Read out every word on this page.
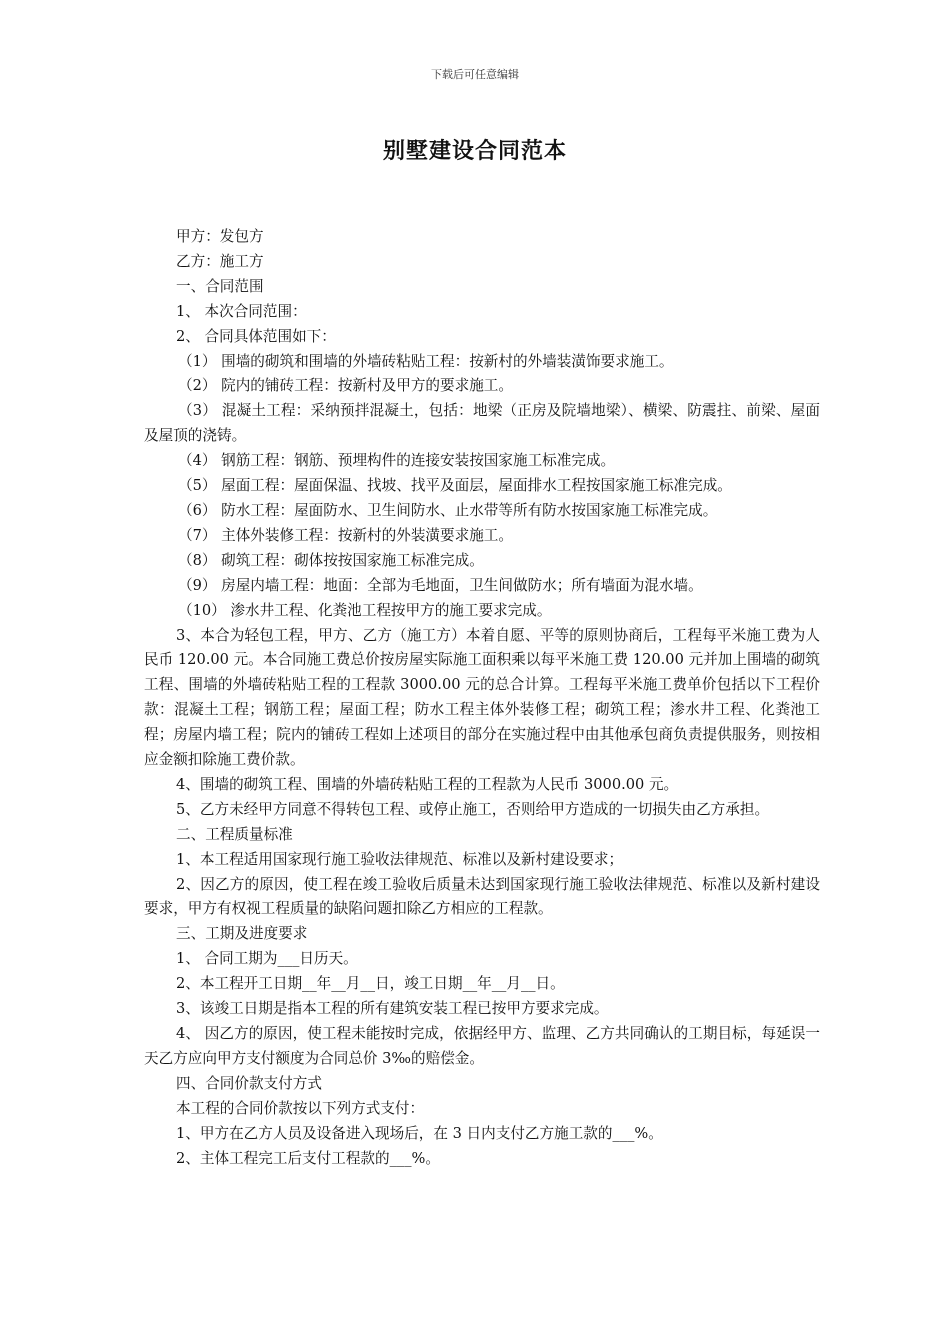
下载后可任意编辑
别墅建设合同范本

甲方：发包方

乙方：施工方

一、合同范围

1、 本次合同范围：

2、 合同具体范围如下：

（1） 围墙的砌筑和围墙的外墙砖粘贴工程：按新村的外墙装潢饰要求施工。

（2） 院内的铺砖工程：按新村及甲方的要求施工。

（3） 混凝土工程：采纳预拌混凝土，包括：地梁（正房及院墙地梁）、横梁、防震拄、前梁、屋面及屋顶的浇铸。

（4） 钢筋工程：钢筋、预埋构件的连接安装按国家施工标准完成。

（5） 屋面工程：屋面保温、找坡、找平及面层，屋面排水工程按国家施工标准完成。

（6） 防水工程：屋面防水、卫生间防水、止水带等所有防水按国家施工标准完成。

（7） 主体外装修工程：按新村的外装潢要求施工。

（8） 砌筑工程：砌体按按国家施工标准完成。

（9） 房屋内墙工程：地面：全部为毛地面，卫生间做防水；所有墙面为混水墙。

（10） 渗水井工程、化粪池工程按甲方的施工要求完成。

3、本合为轻包工程，甲方、乙方（施工方）本着自愿、平等的原则协商后，工程每平米施工费为人民币 120.00 元。本合同施工费总价按房屋实际施工面积乘以每平米施工费 120.00 元并加上围墙的砌筑工程、围墙的外墙砖粘贴工程的工程款 3000.00 元的总合计算。工程每平米施工费单价包括以下工程价款：混凝土工程；钢筋工程；屋面工程；防水工程主体外装修工程；砌筑工程；渗水井工程、化粪池工程；房屋内墙工程；院内的铺砖工程如上述项目的部分在实施过程中由其他承包商负责提供服务，则按相应金额扣除施工费价款。

4、围墙的砌筑工程、围墙的外墙砖粘贴工程的工程款为人民币 3000.00 元。

5、乙方未经甲方同意不得转包工程、或停止施工，否则给甲方造成的一切损失由乙方承担。

二、工程质量标准

1、本工程适用国家现行施工验收法律规范、标准以及新村建设要求；

2、因乙方的原因，使工程在竣工验收后质量未达到国家现行施工验收法律规范、标准以及新村建设要求，甲方有权视工程质量的缺陷问题扣除乙方相应的工程款。

三、工期及进度要求

1、 合同工期为___日历天。

2、本工程开工日期__年__月__日，竣工日期__年__月__日。

3、该竣工日期是指本工程的所有建筑安装工程已按甲方要求完成。

4、 因乙方的原因，使工程未能按时完成，依据经甲方、监理、乙方共同确认的工期目标，每延误一天乙方应向甲方支付额度为合同总价 3‰的赔偿金。

四、合同价款支付方式

本工程的合同价款按以下列方式支付：

1、甲方在乙方人员及设备进入现场后，在 3 日内支付乙方施工款的___%。

2、主体工程完工后支付工程款的___%。
